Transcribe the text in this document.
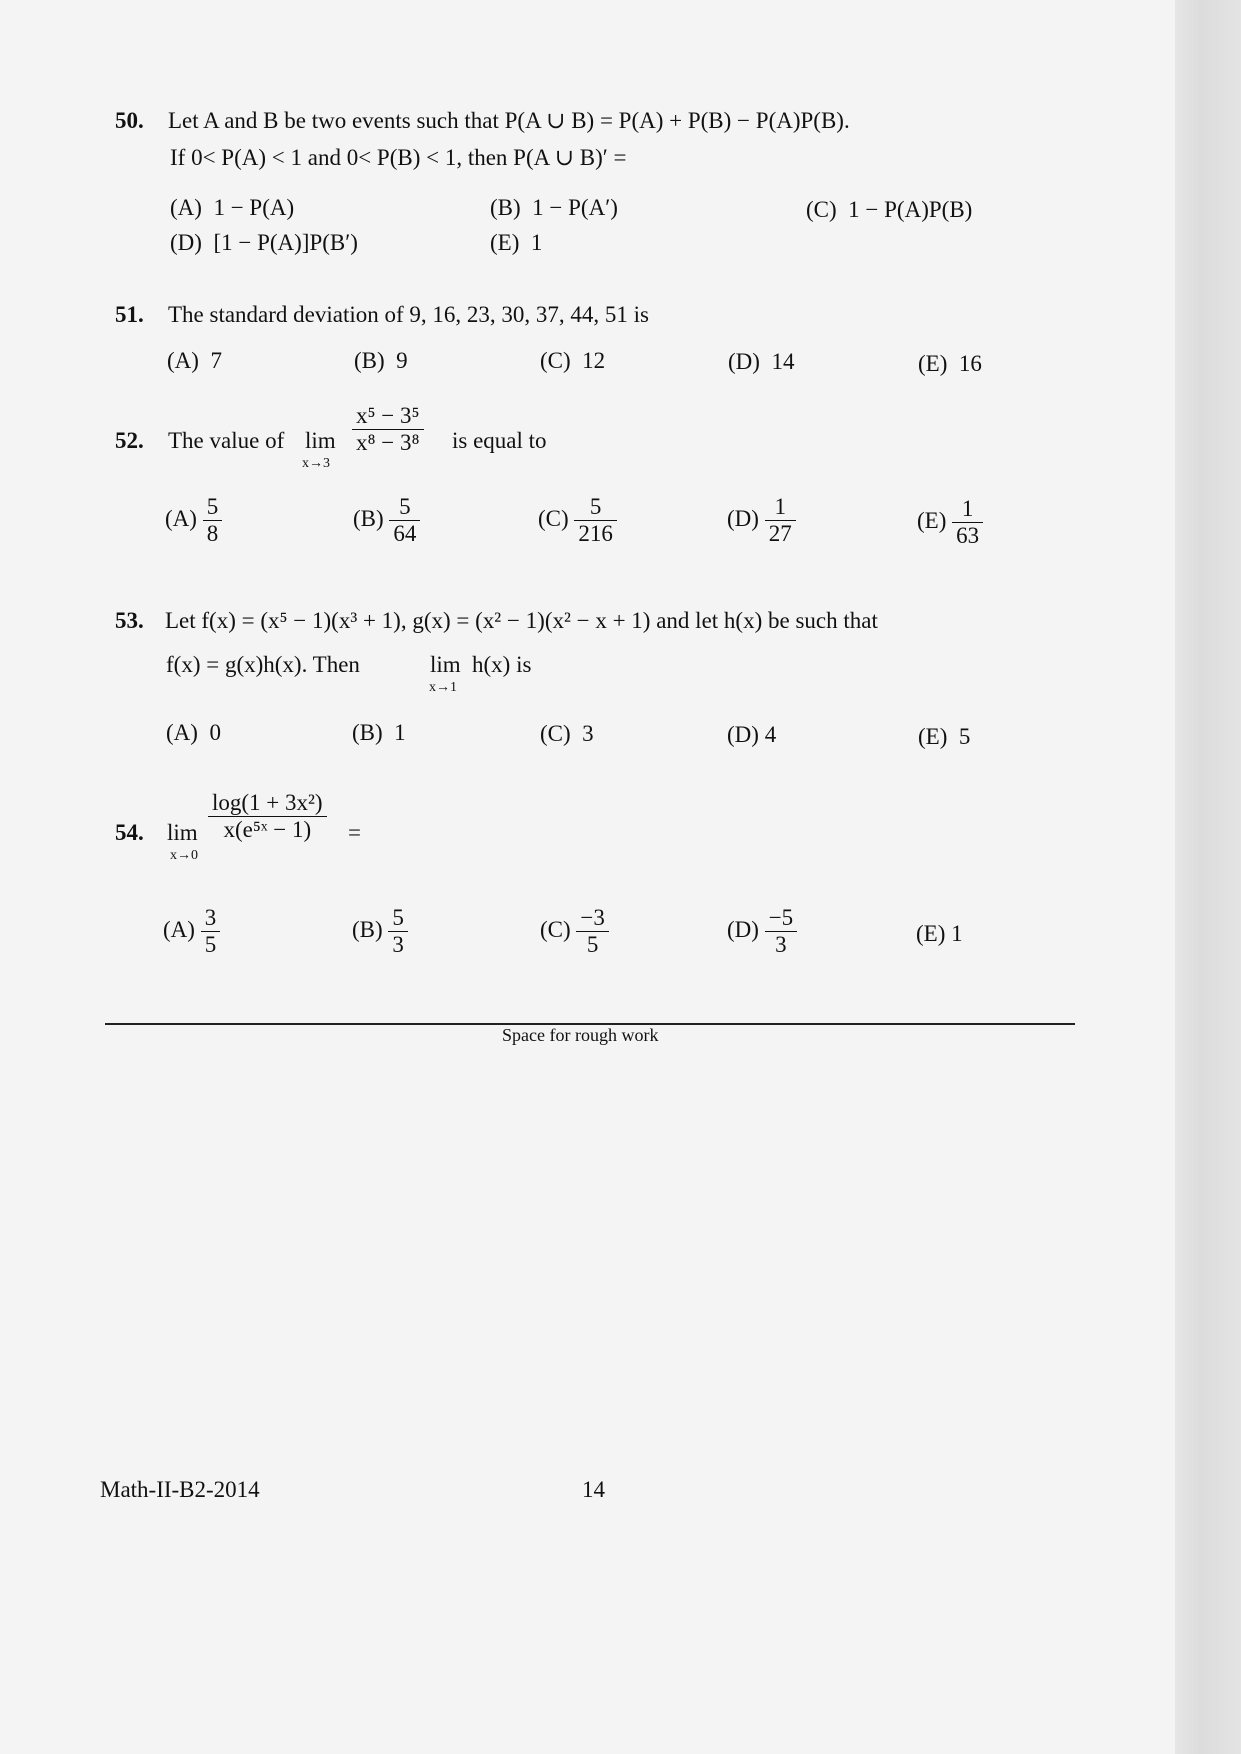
50. Let A and B be two events such that P(A ∪ B) = P(A) + P(B) − P(A)P(B).
If 0< P(A) < 1 and 0< P(B) < 1, then P(A ∪ B)′ =
(A) 1 − P(A)	(B) 1 − P(A′)	(C) 1 − P(A)P(B)
(D) [1 − P(A)]P(B′)	(E) 1
51. The standard deviation of 9, 16, 23, 30, 37, 44, 51 is
(A) 7	(B) 9	(C) 12	(D) 14	(E) 16
52. The value of lim
x→3
$\frac{\text{x⁵ − 3⁵}}{\text{x⁸ − 3⁸}}$ is equal to
$(A) \frac{5}{8}$	$(B) \frac{5}{64}$	$(C) \frac{5}{216}$	$(D) \frac{1}{27}$	$(E) \frac{1}{63}$
53. Let f(x) = (x⁵ − 1)(x³ + 1), g(x) = (x² − 1)(x² − x + 1) and let h(x) be such that
f(x) = g(x)h(x). Then	lim
x→1
h(x) is
(A) 0	(B) 1	(C) 3	(D) 4	(E) 5
54. lim
x→0
$\frac{\text{log(1 + 3x²)}}{\text{x(e⁵ˣ − 1)}}$ =
$(A) \frac{3}{5}$	$(B) \frac{5}{3}$	$(C) \frac{-3}{5}$	$(D) \frac{-5}{3}$	(E) 1
Space for rough work
Math-II-B2-2014	14
